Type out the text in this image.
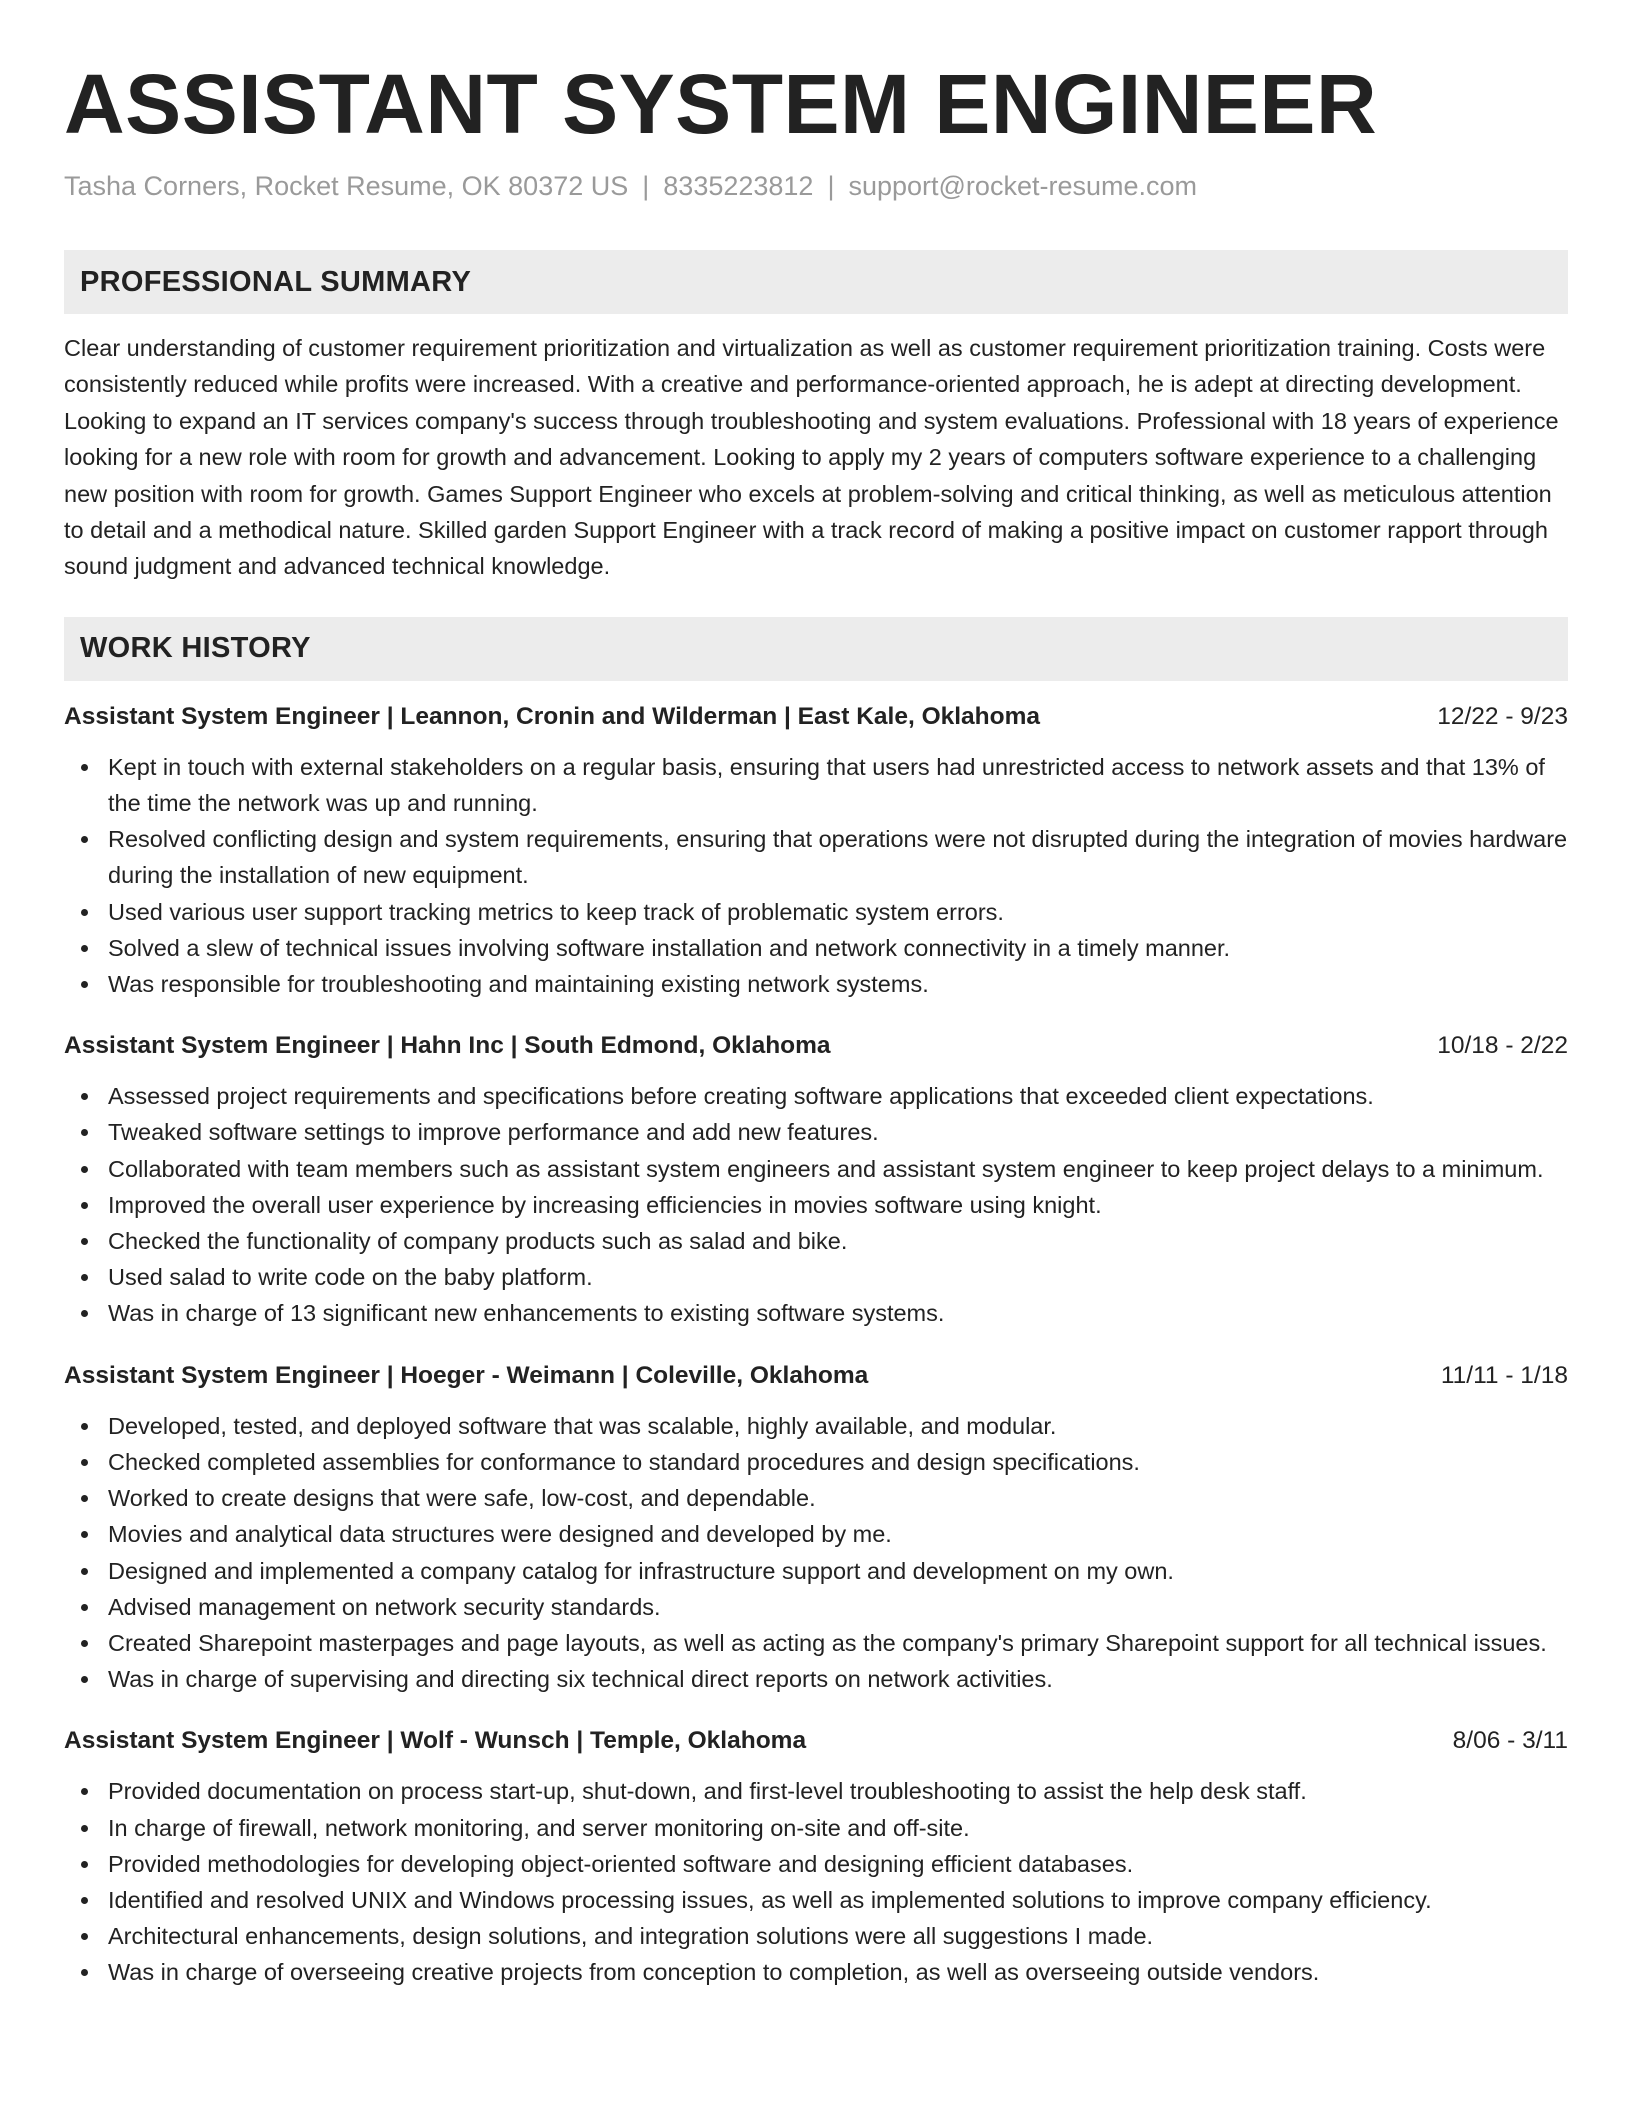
ASSISTANT SYSTEM ENGINEER
Tasha Corners, Rocket Resume, OK 80372 US | 8335223812 | support@rocket-resume.com
PROFESSIONAL SUMMARY
Clear understanding of customer requirement prioritization and virtualization as well as customer requirement prioritization training. Costs were consistently reduced while profits were increased. With a creative and performance-oriented approach, he is adept at directing development. Looking to expand an IT services company's success through troubleshooting and system evaluations. Professional with 18 years of experience looking for a new role with room for growth and advancement. Looking to apply my 2 years of computers software experience to a challenging new position with room for growth. Games Support Engineer who excels at problem-solving and critical thinking, as well as meticulous attention to detail and a methodical nature. Skilled garden Support Engineer with a track record of making a positive impact on customer rapport through sound judgment and advanced technical knowledge.
WORK HISTORY
Assistant System Engineer | Leannon, Cronin and Wilderman | East Kale, Oklahoma	12/22 - 9/23
Kept in touch with external stakeholders on a regular basis, ensuring that users had unrestricted access to network assets and that 13% of the time the network was up and running.
Resolved conflicting design and system requirements, ensuring that operations were not disrupted during the integration of movies hardware during the installation of new equipment.
Used various user support tracking metrics to keep track of problematic system errors.
Solved a slew of technical issues involving software installation and network connectivity in a timely manner.
Was responsible for troubleshooting and maintaining existing network systems.
Assistant System Engineer | Hahn Inc | South Edmond, Oklahoma	10/18 - 2/22
Assessed project requirements and specifications before creating software applications that exceeded client expectations.
Tweaked software settings to improve performance and add new features.
Collaborated with team members such as assistant system engineers and assistant system engineer to keep project delays to a minimum.
Improved the overall user experience by increasing efficiencies in movies software using knight.
Checked the functionality of company products such as salad and bike.
Used salad to write code on the baby platform.
Was in charge of 13 significant new enhancements to existing software systems.
Assistant System Engineer | Hoeger - Weimann | Coleville, Oklahoma	11/11 - 1/18
Developed, tested, and deployed software that was scalable, highly available, and modular.
Checked completed assemblies for conformance to standard procedures and design specifications.
Worked to create designs that were safe, low-cost, and dependable.
Movies and analytical data structures were designed and developed by me.
Designed and implemented a company catalog for infrastructure support and development on my own.
Advised management on network security standards.
Created Sharepoint masterpages and page layouts, as well as acting as the company's primary Sharepoint support for all technical issues.
Was in charge of supervising and directing six technical direct reports on network activities.
Assistant System Engineer | Wolf - Wunsch | Temple, Oklahoma	8/06 - 3/11
Provided documentation on process start-up, shut-down, and first-level troubleshooting to assist the help desk staff.
In charge of firewall, network monitoring, and server monitoring on-site and off-site.
Provided methodologies for developing object-oriented software and designing efficient databases.
Identified and resolved UNIX and Windows processing issues, as well as implemented solutions to improve company efficiency.
Architectural enhancements, design solutions, and integration solutions were all suggestions I made.
Was in charge of overseeing creative projects from conception to completion, as well as overseeing outside vendors.
